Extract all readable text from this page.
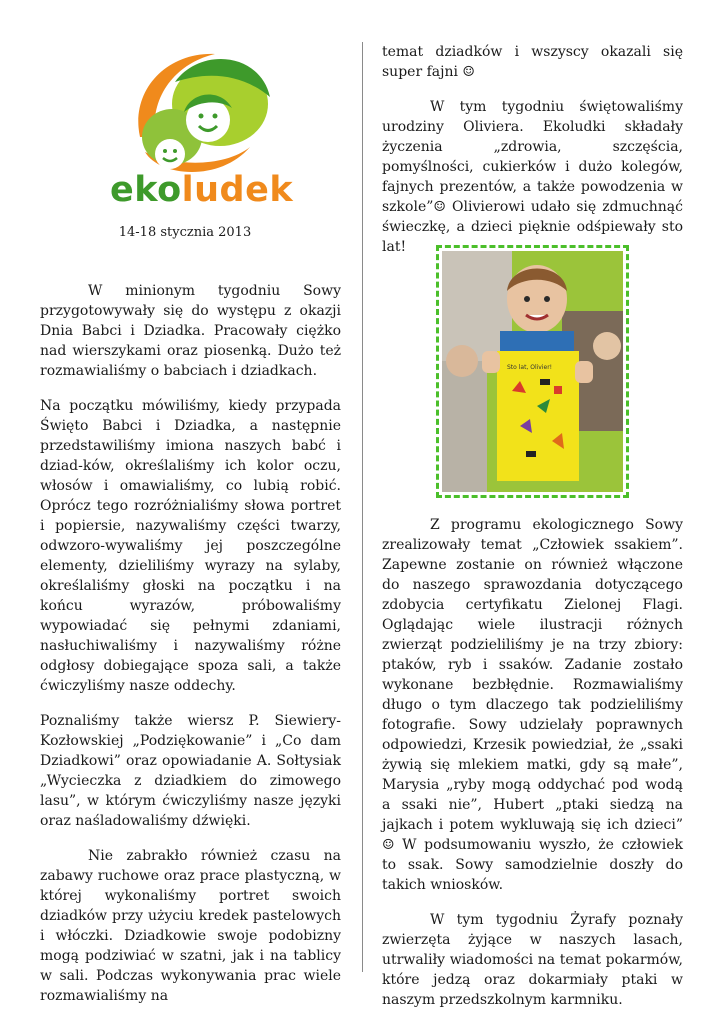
ekoludek
14-18 stycznia 2013

W minionym tygodniu Sowy przygotowywały się do występu z okazji Dnia Babci i Dziadka. Pracowały ciężko nad wierszykami oraz piosenką. Dużo też rozmawialiśmy o babciach i dziadkach.

Na początku mówiliśmy, kiedy przypada Święto Babci i Dziadka, a następnie przedstawiliśmy imiona naszych babć i dziad-ków, określaliśmy ich kolor oczu, włosów i omawialiśmy, co lubią robić. Oprócz tego rozróżnialiśmy słowa portret i popiersie, nazywaliśmy części twarzy, odwzoro-wywaliśmy jej poszczególne elementy, dzieliliśmy wyrazy na sylaby, określaliśmy głoski na początku i na końcu wyrazów, próbowaliśmy wypowiadać się pełnymi zdaniami, nasłuchiwaliśmy i nazywaliśmy różne odgłosy dobiegające spoza sali, a także ćwiczyliśmy nasze oddechy.

Poznaliśmy także wiersz P. Siewiery-Kozłowskiej „Podziękowanie” i „Co dam Dziadkowi” oraz opowiadanie A. Sołtysiak „Wycieczka z dziadkiem do zimowego lasu”, w którym ćwiczyliśmy nasze języki oraz naśladowaliśmy dźwięki.

Nie zabrakło również czasu na zabawy ruchowe oraz prace plastyczną, w której wykonaliśmy portret swoich dziadków przy użyciu kredek pastelowych i włóczki. Dziadkowie swoje podobizny mogą podziwiać w szatni, jak i na tablicy w sali. Podczas wykonywania prac wiele rozmawialiśmy na

temat dziadków i wszyscy okazali się super fajni ☺

W tym tygodniu świętowaliśmy urodziny Oliviera. Ekoludki składały życzenia „zdrowia, szczęścia, pomyślności, cukierków i dużo kolegów, fajnych prezentów, a także powodzenia w szkole”☺ Olivierowi udało się zdmuchnąć świeczkę, a dzieci pięknie odśpiewały sto lat!

Sto lat, Olivier!

Z programu ekologicznego Sowy zrealizowały temat „Człowiek ssakiem”. Zapewne zostanie on również włączone do naszego sprawozdania dotyczącego zdobycia certyfikatu Zielonej Flagi. Oglądając wiele ilustracji różnych zwierząt podzieliliśmy je na trzy zbiory: ptaków, ryb i ssaków. Zadanie zostało wykonane bezbłędnie. Rozmawialiśmy długo o tym dlaczego tak podzieliliśmy fotografie. Sowy udzielały poprawnych odpowiedzi, Krzesik powiedział, że „ssaki żywią się mlekiem matki, gdy są małe”, Marysia „ryby mogą oddychać pod wodą a ssaki nie”, Hubert „ptaki siedzą na jajkach i potem wykluwają się ich dzieci” ☺ W podsumowaniu wyszło, że człowiek to ssak. Sowy samodzielnie doszły do takich wniosków.

W tym tygodniu Żyrafy poznały zwierzęta żyjące w naszych lasach, utrwaliły wiadomości na temat pokarmów, które jedzą oraz dokarmiały ptaki w naszym przedszkolnym karmniku.
